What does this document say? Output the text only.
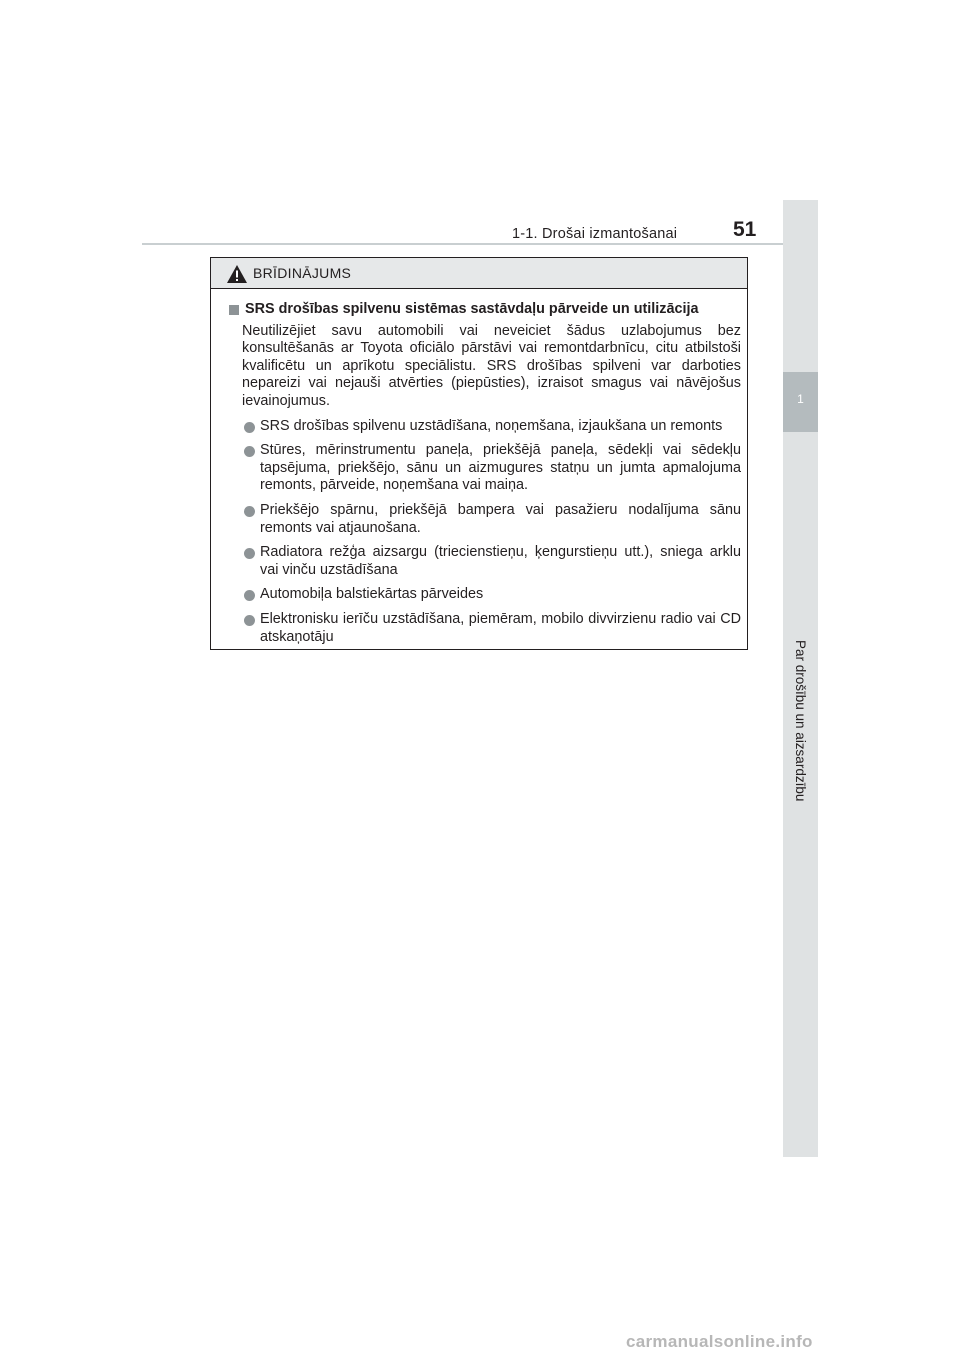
1-1. Drošai izmantošanai	51
1
Par drošību un aizsardzību
BRĪDINĀJUMS
SRS drošības spilvenu sistēmas sastāvdaļu pārveide un utilizācija
Neutilizējiet savu automobili vai neveiciet šādus uzlabojumus bez konsultēšanās ar Toyota oficiālo pārstāvi vai remontdarbnīcu, citu atbilstoši kvalificētu un aprīkotu speciālistu. SRS drošības spilveni var darboties nepareizi vai nejauši atvērties (piepūsties), izraisot smagus vai nāvējošus ievainojumus.
SRS drošības spilvenu uzstādīšana, noņemšana, izjaukšana un remonts
Stūres, mērinstrumentu paneļa, priekšējā paneļa, sēdekļi vai sēdekļu tapsējuma, priekšējo, sānu un aizmugures statņu un jumta apmalojuma remonts, pārveide, noņemšana vai maiņa.
Priekšējo spārnu, priekšējā bampera vai pasažieru nodalījuma sānu remonts vai atjaunošana.
Radiatora režģa aizsargu (triecienstieņu, ķengurstieņu utt.), sniega arklu vai vinču uzstādīšana
Automobiļa balstiekārtas pārveides
Elektronisku ierīču uzstādīšana, piemēram, mobilo divvirzienu radio vai CD atskaņotāju
carmanualsonline.info
